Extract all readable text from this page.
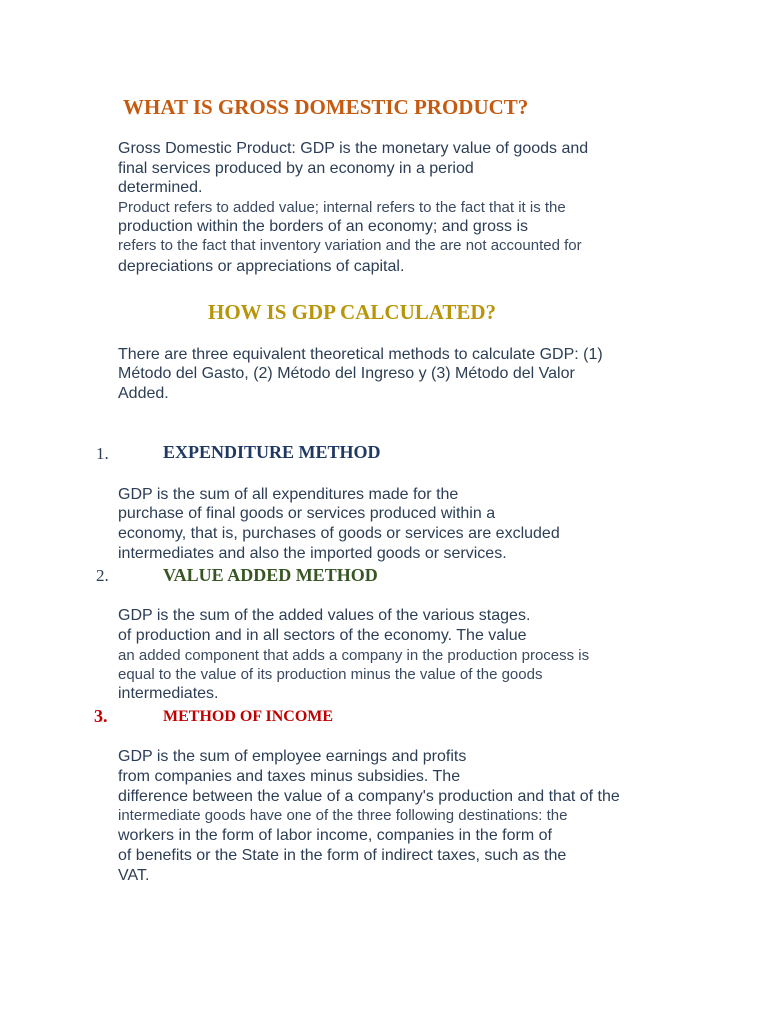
WHAT IS GROSS DOMESTIC PRODUCT?
Gross Domestic Product: GDP is the monetary value of goods and
final services produced by an economy in a period
determined.
Product refers to added value; internal refers to the fact that it is the
production within the borders of an economy; and gross is
refers to the fact that inventory variation and the are not accounted for
depreciations or appreciations of capital.
HOW IS GDP CALCULATED?
There are three equivalent theoretical methods to calculate GDP: (1)
Método del Gasto, (2) Método del Ingreso y (3) Método del Valor
Added.
1.	EXPENDITURE METHOD
GDP is the sum of all expenditures made for the
purchase of final goods or services produced within a
economy, that is, purchases of goods or services are excluded
intermediates and also the imported goods or services.
2.	VALUE ADDED METHOD
GDP is the sum of the added values of the various stages.
of production and in all sectors of the economy. The value
an added component that adds a company in the production process is
equal to the value of its production minus the value of the goods
intermediates.
3.	METHOD OF INCOME
GDP is the sum of employee earnings and profits
from companies and taxes minus subsidies. The
difference between the value of a company's production and that of the
intermediate goods have one of the three following destinations: the
workers in the form of labor income, companies in the form of
of benefits or the State in the form of indirect taxes, such as the
VAT.
